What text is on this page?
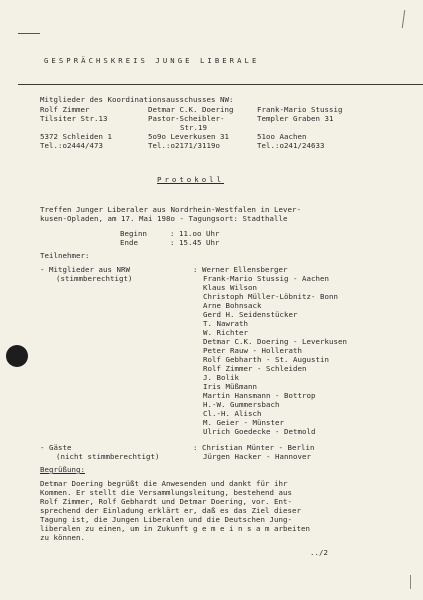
GESPRÄCHSKREIS JUNGE LIBERALE
Mitglieder des Koordinationsausschusses NW:
Rolf Zimmer
Tilsiter Str.13
5372 Schleiden 1
Tel.:o2444/473
Detmar C.K. Doering
Pastor-Scheibler-
Str.19
5o9o Leverkusen 31
Tel.:o2171/3119o
Frank-Mario Stussig
Templer Graben 31
51oo Aachen
Tel.:o241/24633
Protokoll
Treffen Junger Liberaler aus Nordrhein-Westfalen in Lever-
kusen-Opladen, am 17. Mai 198o - Tagungsort: Stadthalle
Beginn	: 11.oo Uhr
Ende	: 15.45 Uhr
Teilnehmer:
- Mitglieder aus NRW
(stimmberechtigt)
: Werner Ellensberger
Frank-Mario Stussig - Aachen
Klaus Wilson
Christoph Müller-Löbnitz- Bonn
Arne Bohnsack
Gerd H. Seidenstücker
T. Nawrath
W. Richter
Detmar C.K. Doering - Leverkusen
Peter Rauw - Hollerath
Rolf Gebharth - St. Augustin
Rolf Zimmer - Schleiden
J. Bolik
Iris Müßmann
Martin Hansmann - Bottrop
H.-W. Gummersbach
Cl.-H. Alisch
M. Geier - Münster
Ulrich Goedecke - Detmold
- Gäste
(nicht stimmberechtigt)
: Christian Münter - Berlin
Jürgen Hacker - Hannover
Begrüßung:
Detmar Doering begrüßt die Anwesenden und dankt für ihr
Kommen. Er stellt die Versammlungsleitung, bestehend aus
Rolf Zimmer, Rolf Gebhardt und Detmar Doering, vor. Ent-
sprechend der Einladung erklärt er, daß es das Ziel dieser
Tagung ist, die Jungen Liberalen und die Deutschen Jung-
liberalen zu einen, um in Zukunft g e m e i n s a m arbeiten
zu können.
../2
